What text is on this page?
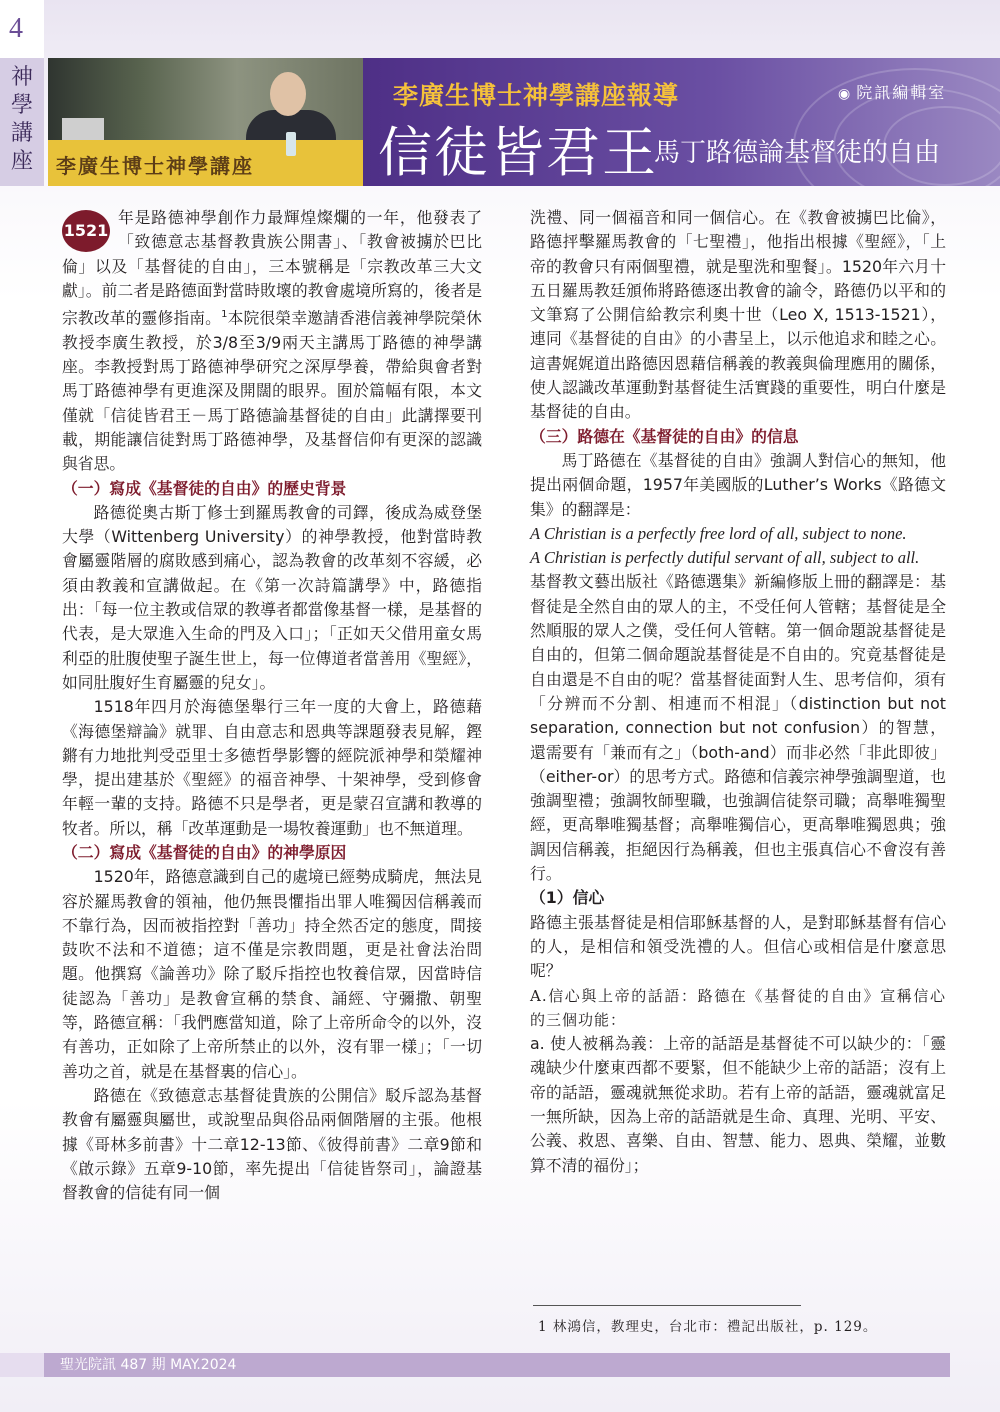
4
神
學
講
座	李廣生博士神學講座
李廣生博士神學講座報導	◉ 院訊編輯室
信徒皆君王
－馬丁路德論基督徒的自由

1521
年是路德神學創作力最輝煌燦爛的一年，他發表了「致德意志基督教貴族公開書」、「教會被擄於巴比倫」以及「基督徒的自由」，三本號稱是「宗教改革三大文獻」。前二者是路德面對當時敗壞的教會處境所寫的，後者是宗教改革的靈修指南。$^1$本院很榮幸邀請香港信義神學院榮休教授李廣生教授，於3/8至3/9兩天主講馬丁路德的神學講座。李教授對馬丁路德神學研究之深厚學養，帶給與會者對馬丁路德神學有更進深及開闊的眼界。囿於篇幅有限，本文僅就「信徒皆君王－馬丁路德論基督徒的自由」此講擇要刊載，期能讓信徒對馬丁路德神學，及基督信仰有更深的認識與省思。

（一）寫成《基督徒的自由》的歷史背景

路德從奧古斯丁修士到羅馬教會的司鐸，後成為威登堡大學（Wittenberg University）的神學教授，他對當時教會屬靈階層的腐敗感到痛心，認為教會的改革刻不容緩，必須由教義和宣講做起。在《第一次詩篇講學》中，路德指出：「每一位主教或信眾的教導者都當像基督一樣，是基督的代表，是大眾進入生命的門及入口」；「正如天父借用童女馬利亞的肚腹使聖子誕生世上，每一位傳道者當善用《聖經》，如同肚腹好生育屬靈的兒女」。

1518年四月於海德堡舉行三年一度的大會上，路德藉《海德堡辯論》就罪、自由意志和恩典等課題發表見解，鏗鏘有力地批判受亞里士多德哲學影響的經院派神學和榮耀神學，提出建基於《聖經》的福音神學、十架神學，受到修會年輕一輩的支持。路德不只是學者，更是蒙召宣講和教導的牧者。所以，稱「改革運動是一場牧養運動」也不無道理。

（二）寫成《基督徒的自由》的神學原因

1520年，路德意識到自己的處境已經勢成騎虎，無法見容於羅馬教會的領袖，他仍無畏懼指出罪人唯獨因信稱義而不靠行為，因而被指控對「善功」持全然否定的態度，間接鼓吹不法和不道德；這不僅是宗教問題，更是社會法治問題。他撰寫《論善功》除了駁斥指控也牧養信眾，因當時信徒認為「善功」是教會宣稱的禁食、誦經、守彌撒、朝聖等，路德宣稱：「我們應當知道，除了上帝所命令的以外，沒有善功，正如除了上帝所禁止的以外，沒有罪一樣」；「一切善功之首，就是在基督裏的信心」。

路德在《致德意志基督徒貴族的公開信》駁斥認為基督教會有屬靈與屬世，或說聖品與俗品兩個階層的主張。他根據《哥林多前書》十二章12-13節、《彼得前書》二章9節和《啟示錄》五章9-10節，率先提出「信徒皆祭司」，論證基督教會的信徒有同一個

洗禮、同一個福音和同一個信心。在《教會被擄巴比倫》，路德抨擊羅馬教會的「七聖禮」，他指出根據《聖經》，「上帝的教會只有兩個聖禮，就是聖洗和聖餐」。1520年六月十五日羅馬教廷頒佈將路德逐出教會的諭令，路德仍以平和的文筆寫了公開信給教宗利奧十世（Leo X, 1513-1521），連同《基督徒的自由》的小書呈上，以示他追求和睦之心。這書娓娓道出路德因恩藉信稱義的教義與倫理應用的關係，使人認識改革運動對基督徒生活實踐的重要性，明白什麼是基督徒的自由。

（三）路德在《基督徒的自由》的信息

馬丁路德在《基督徒的自由》強調人對信心的無知，他提出兩個命題，1957年美國版的Luther’s Works《路德文集》的翻譯是：

A Christian is a perfectly free lord of all, subject to none.

A Christian is perfectly dutiful servant of all, subject to all.

基督教文藝出版社《路德選集》新編修版上冊的翻譯是：基督徒是全然自由的眾人的主，不受任何人管轄；基督徒是全然順服的眾人之僕，受任何人管轄。第一個命題說基督徒是自由的，但第二個命題說基督徒是不自由的。究竟基督徒是自由還是不自由的呢？當基督徒面對人生、思考信仰，須有「分辨而不分割、相連而不相混」（distinction but not separation, connection but not confusion）的智慧，還需要有「兼而有之」（both-and）而非必然「非此即彼」（either-or）的思考方式。路德和信義宗神學強調聖道，也強調聖禮；強調牧師聖職，也強調信徒祭司職；高舉唯獨聖經，更高舉唯獨基督；高舉唯獨信心，更高舉唯獨恩典；強調因信稱義，拒絕因行為稱義，但也主張真信心不會沒有善行。

（1）信心

路德主張基督徒是相信耶穌基督的人，是對耶穌基督有信心的人，是相信和領受洗禮的人。但信心或相信是什麼意思呢？

A.信心與上帝的話語：路德在《基督徒的自由》宣稱信心的三個功能：

a. 使人被稱為義：上帝的話語是基督徒不可以缺少的：「靈魂缺少什麼東西都不要緊，但不能缺少上帝的話語；沒有上帝的話語，靈魂就無從求助。若有上帝的話語，靈魂就富足一無所缺，因為上帝的話語就是生命、真理、光明、平安、公義、救恩、喜樂、自由、智慧、能力、恩典、榮耀，並數算不清的福份」；

1 林鴻信，教理史，台北市：禮記出版社，p. 129。
聖光院訊 487 期 MAY.2024
